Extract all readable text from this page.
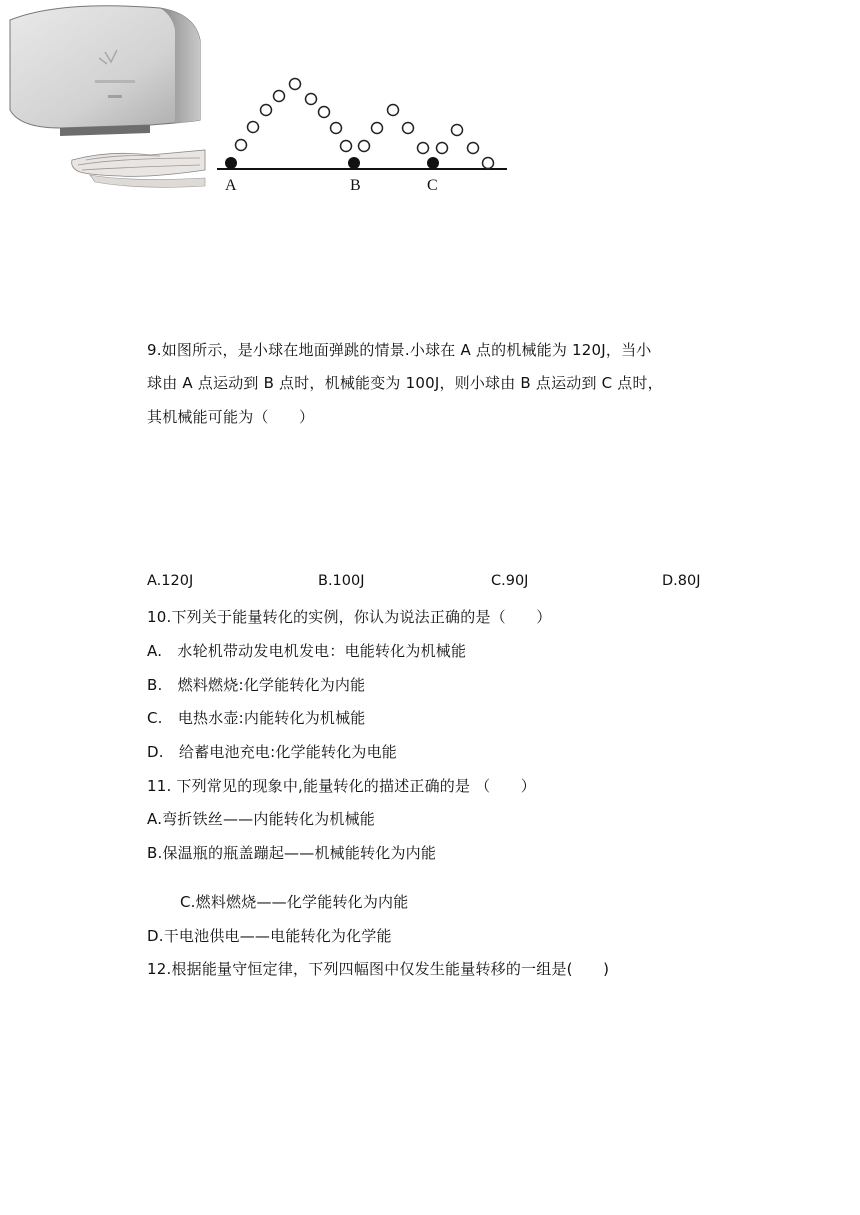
9.如图所示，是小球在地面弹跳的情景.小球在 A 点的机械能为 120J，当小
球由 A 点运动到 B 点时，机械能变为 100J，则小球由 B 点运动到 C 点时，
其机械能可能为（　　）
A	B	C
A.120J	B.100J	C.90J	D.80J
10.下列关于能量转化的实例，你认为说法正确的是（　　）
A.　水轮机带动发电机发电：电能转化为机械能
B.　燃料燃烧:化学能转化为内能
C.　电热水壶:内能转化为机械能
D.　给蓄电池充电:化学能转化为电能
11. 下列常见的现象中,能量转化的描述正确的是 （　　）
A.弯折铁丝——内能转化为机械能
B.保温瓶的瓶盖蹦起——机械能转化为内能
C.燃料燃烧——化学能转化为内能
D.干电池供电——电能转化为化学能
12.根据能量守恒定律，下列四幅图中仅发生能量转移的一组是(　　)
